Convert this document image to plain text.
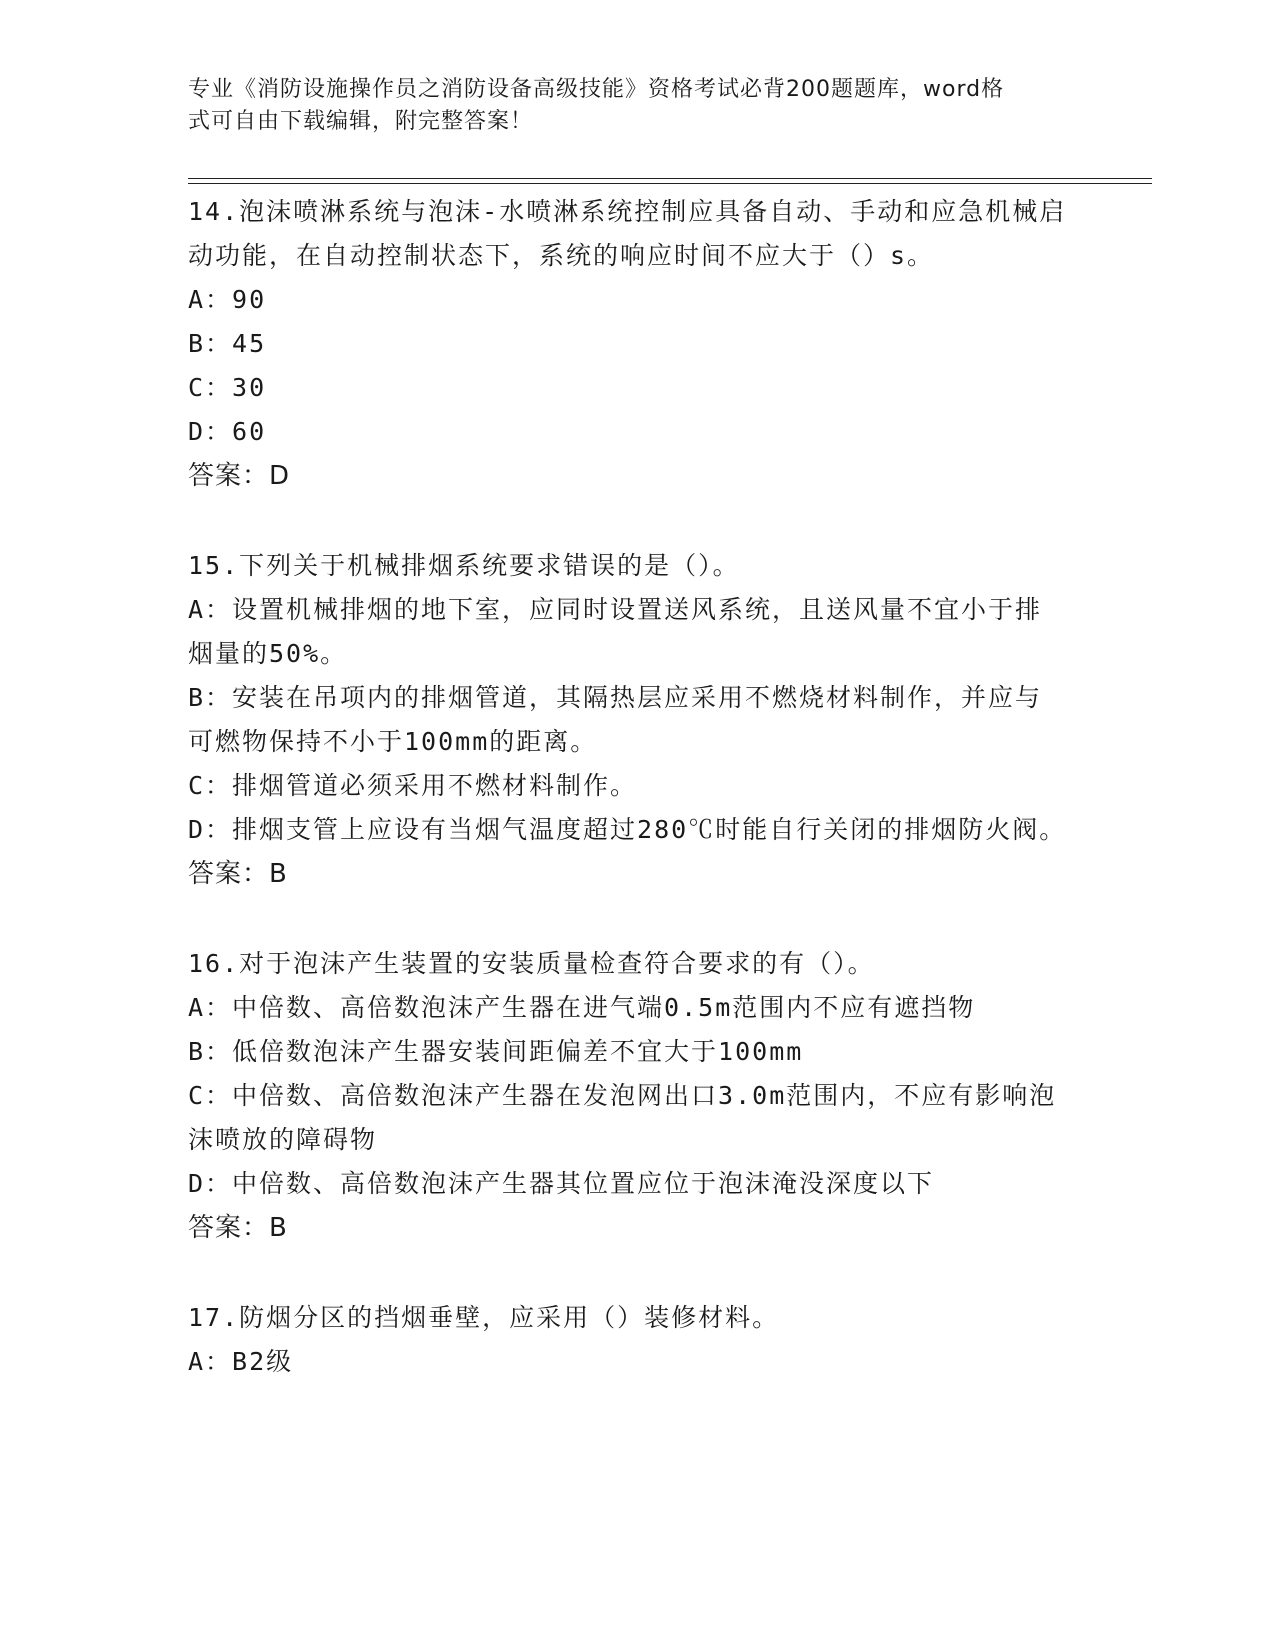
专业《消防设施操作员之消防设备高级技能》资格考试必背200题题库，word格
式可自由下载编辑，附完整答案！
14.泡沫喷淋系统与泡沫-水喷淋系统控制应具备自动、手动和应急机械启动功能，在自动控制状态下，系统的响应时间不应大于（）s。
A：90
B：45
C：30
D：60
答案：D
15.下列关于机械排烟系统要求错误的是（）。
A：设置机械排烟的地下室，应同时设置送风系统，且送风量不宜小于排烟量的50%。
B：安装在吊项内的排烟管道，其隔热层应采用不燃烧材料制作，并应与可燃物保持不小于100mm的距离。
C：排烟管道必须采用不燃材料制作。
D：排烟支管上应设有当烟气温度超过280℃时能自行关闭的排烟防火阀。
答案：B
16.对于泡沫产生装置的安装质量检查符合要求的有（）。
A：中倍数、高倍数泡沫产生器在进气端0.5m范围内不应有遮挡物
B：低倍数泡沫产生器安装间距偏差不宜大于100mm
C：中倍数、高倍数泡沫产生器在发泡网出口3.0m范围内，不应有影响泡沫喷放的障碍物
D：中倍数、高倍数泡沫产生器其位置应位于泡沫淹没深度以下
答案：B
17.防烟分区的挡烟垂壁，应采用（）装修材料。
A：B2级
